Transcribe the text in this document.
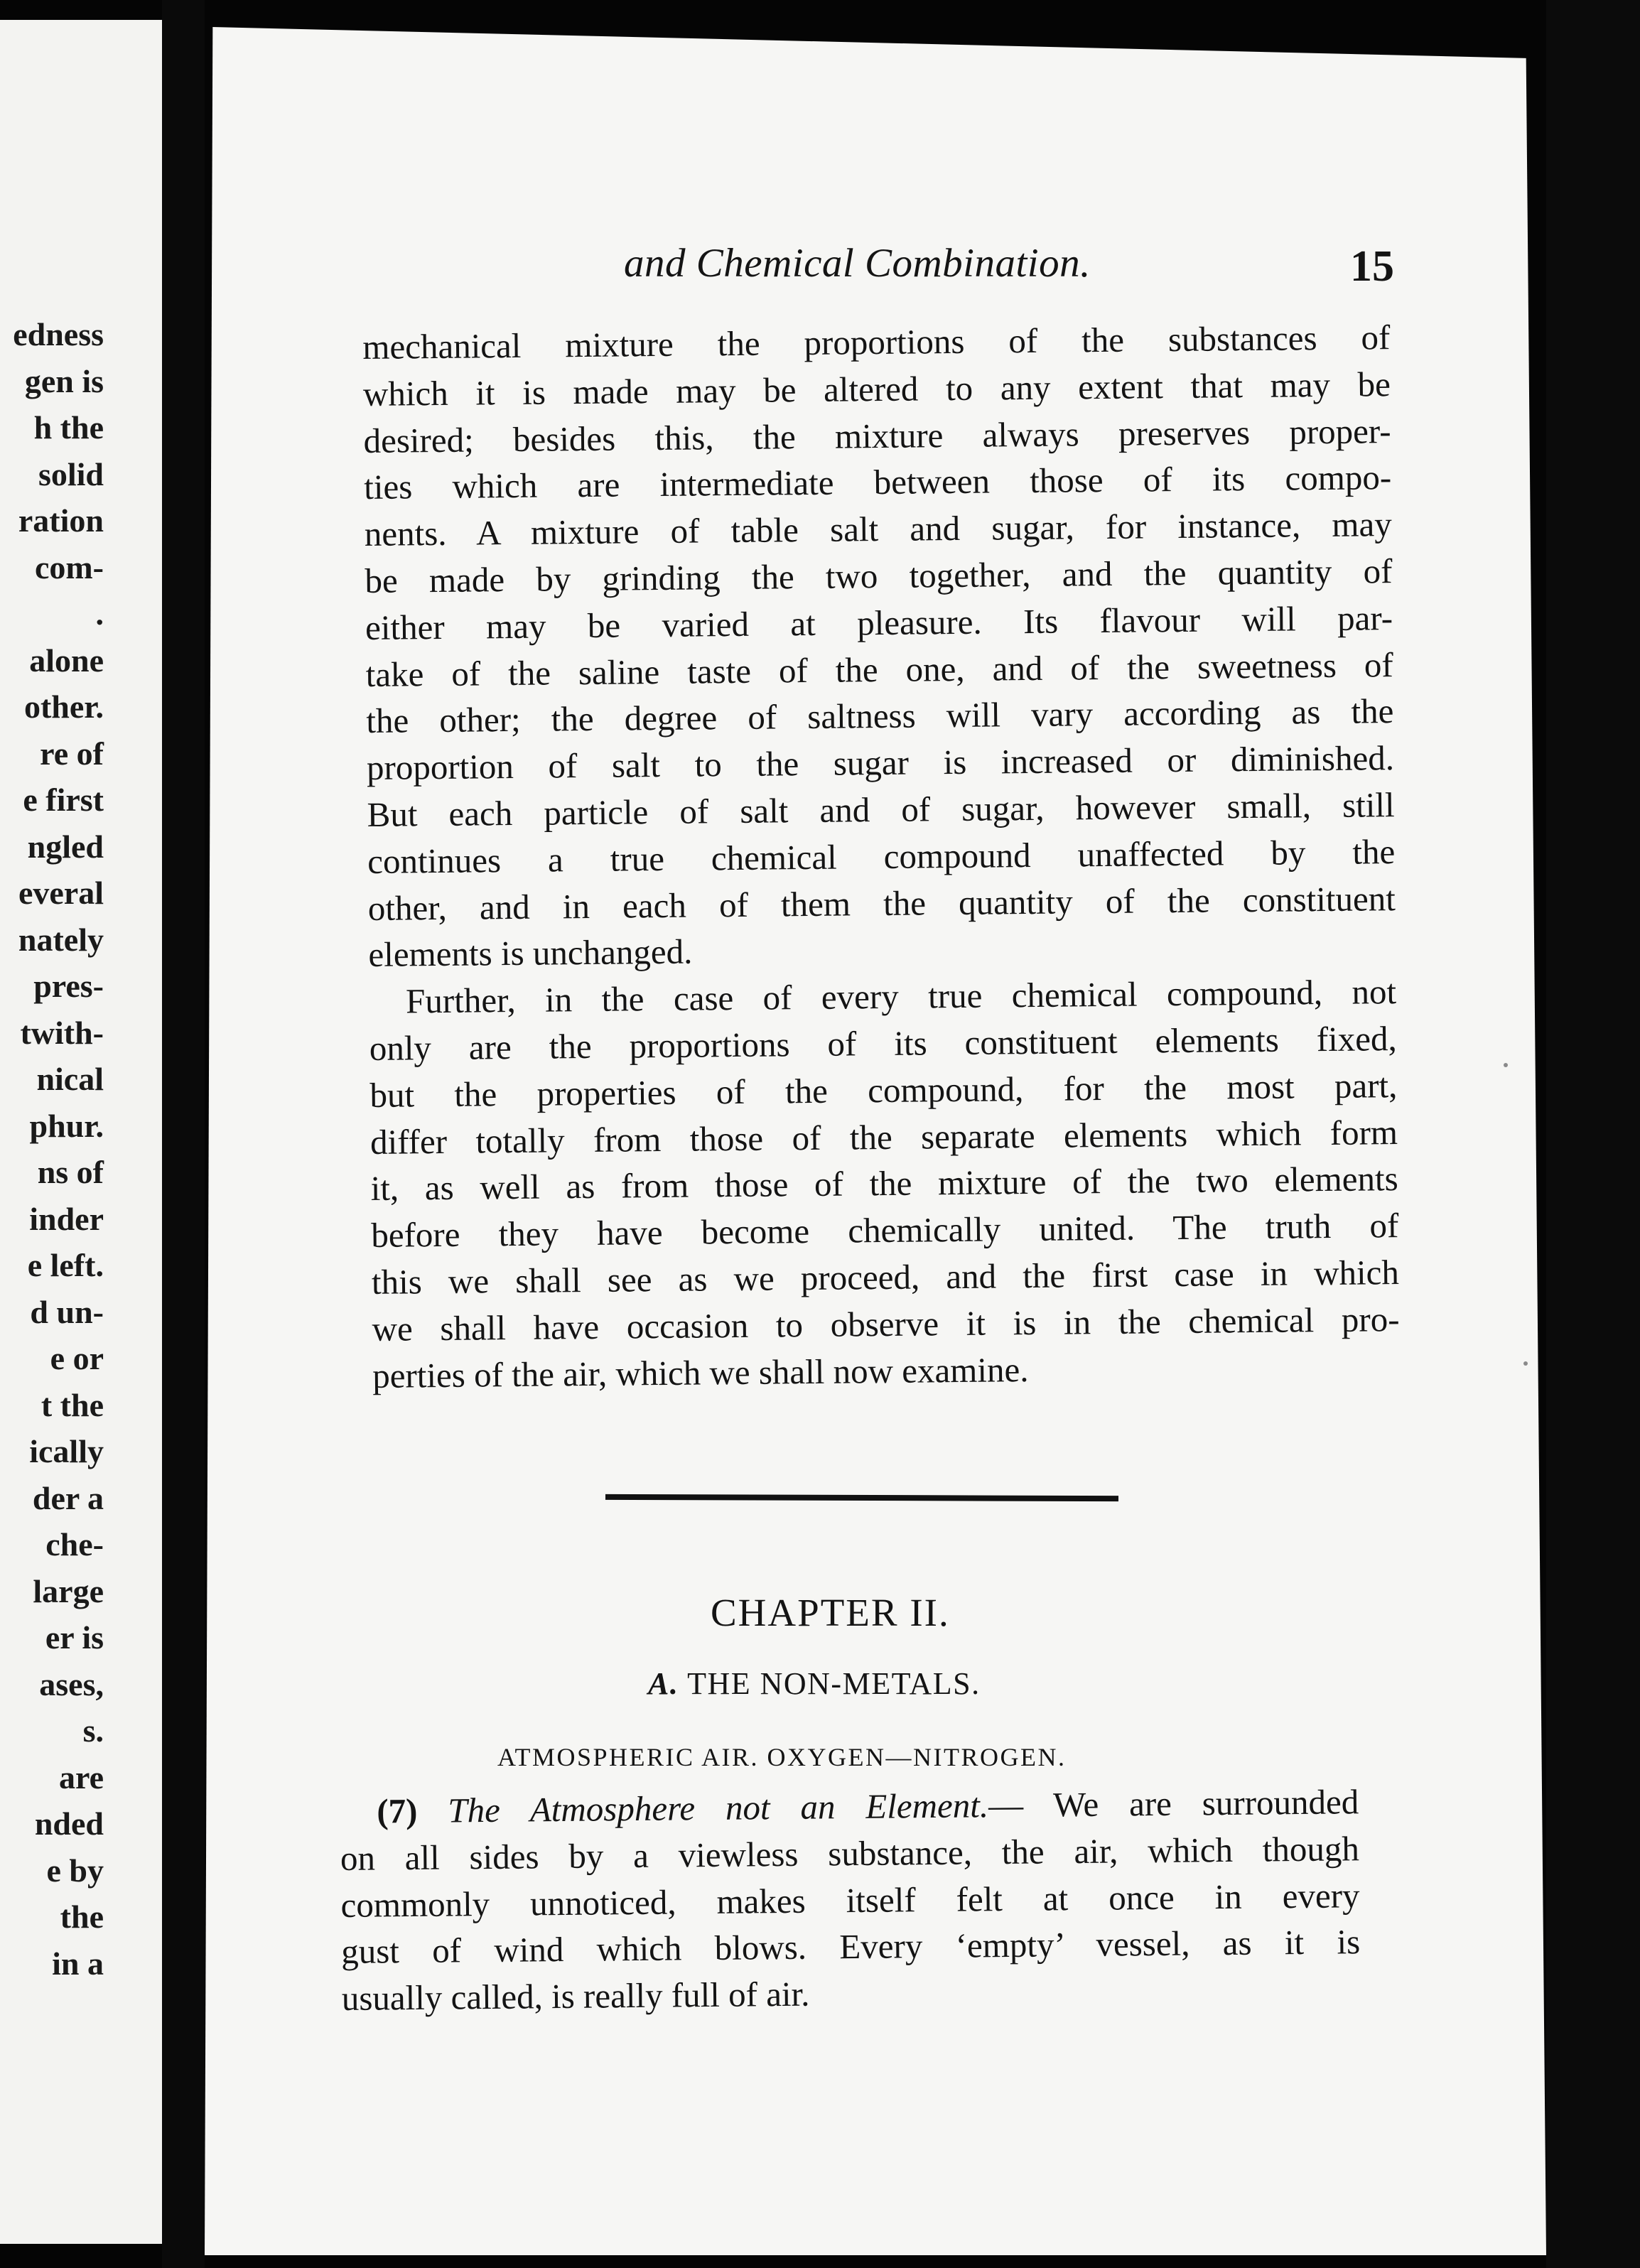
edness
gen is
h the
solid
ration
com-
.
alone
other.
re of
e first
ngled
everal
nately
pres-
twith-
nical
phur.
ns of
inder
e left.
d un-
e or
t the
ically
der a
che-
large
er is
ases,
s.
are
nded
e by
the
in a
and Chemical Combination.	15
mechanical mixture the proportions of the substances of
which it is made may be altered to any extent that may be
desired; besides this, the mixture always preserves proper-
ties which are intermediate between those of its compo-
nents. A mixture of table salt and sugar, for instance, may
be made by grinding the two together, and the quantity of
either may be varied at pleasure. Its flavour will par-
take of the saline taste of the one, and of the sweetness of
the other; the degree of saltness will vary according as the
proportion of salt to the sugar is increased or diminished.
But each particle of salt and of sugar, however small, still
continues a true chemical compound unaffected by the
other, and in each of them the quantity of the constituent
elements is unchanged.
Further, in the case of every true chemical compound, not
only are the proportions of its constituent elements fixed,
but the properties of the compound, for the most part,
differ totally from those of the separate elements which form
it, as well as from those of the mixture of the two elements
before they have become chemically united. The truth of
this we shall see as we proceed, and the first case in which
we shall have occasion to observe it is in the chemical pro-
perties of the air, which we shall now examine.
CHAPTER II.
A. THE NON-METALS.
ATMOSPHERIC AIR. OXYGEN—NITROGEN.
(7) The Atmosphere not an Element.— We are surrounded
on all sides by a viewless substance, the air, which though
commonly unnoticed, makes itself felt at once in every
gust of wind which blows. Every ‘empty’ vessel, as it is
usually called, is really full of air.
